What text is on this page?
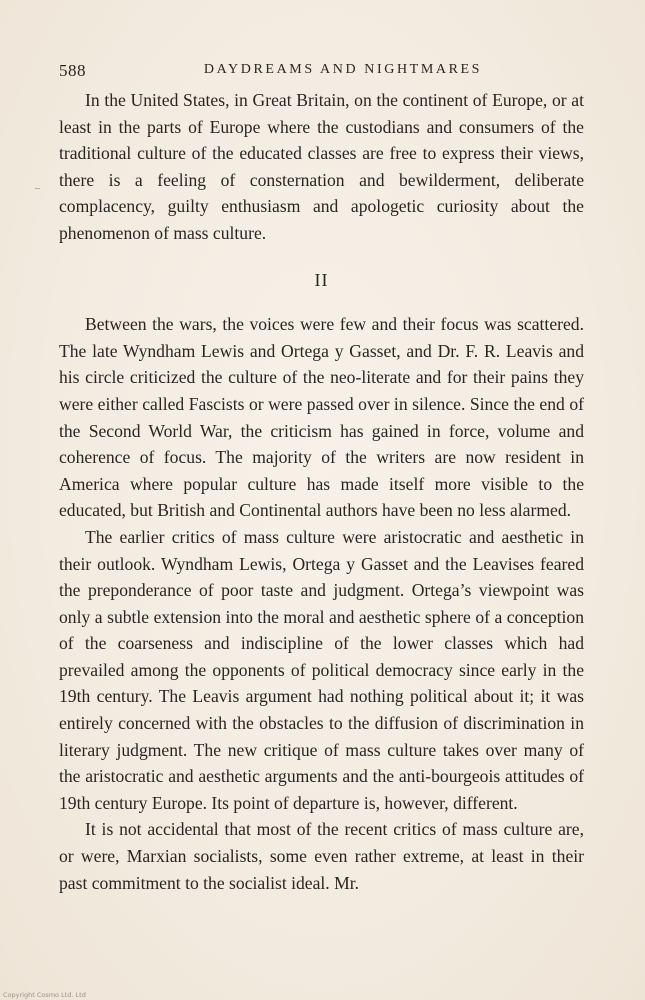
588	DAYDREAMS AND NIGHTMARES

In the United States, in Great Britain, on the continent of Europe, or at least in the parts of Europe where the custodians and consumers of the traditional culture of the educated classes are free to express their views, there is a feeling of consternation and bewilderment, deliberate complacency, guilty enthusiasm and apologetic curiosity about the phenomenon of mass culture.

II

Between the wars, the voices were few and their focus was scattered. The late Wyndham Lewis and Ortega y Gasset, and Dr. F. R. Leavis and his circle criticized the culture of the neo-literate and for their pains they were either called Fascists or were passed over in silence. Since the end of the Second World War, the criticism has gained in force, volume and coherence of focus. The majority of the writers are now resident in America where popular culture has made itself more visible to the educated, but British and Continental authors have been no less alarmed.

The earlier critics of mass culture were aristocratic and aesthetic in their outlook. Wyndham Lewis, Ortega y Gasset and the Leavises feared the preponderance of poor taste and judgment. Ortega’s viewpoint was only a subtle extension into the moral and aesthetic sphere of a conception of the coarseness and indiscipline of the lower classes which had prevailed among the opponents of political democracy since early in the 19th century. The Leavis argument had nothing political about it; it was entirely concerned with the obstacles to the diffusion of discrimination in literary judgment. The new critique of mass culture takes over many of the aristocratic and aesthetic arguments and the anti-bourgeois attitudes of 19th century Europe. Its point of departure is, however, different.

It is not accidental that most of the recent critics of mass culture are, or were, Marxian socialists, some even rather extreme, at least in their past commitment to the socialist ideal. Mr.

Copyright Cosmo Ltd. Ltd
